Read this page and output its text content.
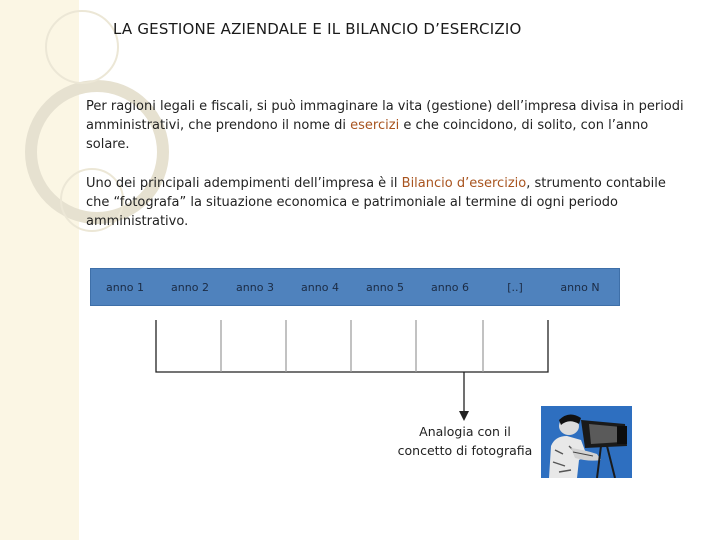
LA GESTIONE AZIENDALE E IL BILANCIO D’ESERCIZIO
Per ragioni legali e fiscali, si può immaginare la vita (gestione) dell’impresa divisa in periodi amministrativi, che prendono il nome di esercizi e che coincidono, di solito, con l’anno solare.
Uno dei principali adempimenti dell’impresa è il Bilancio d’esercizio, strumento contabile che “fotografa” la situazione economica e patrimoniale al termine di ogni periodo amministrativo.
anno 1	anno 2	anno 3	anno 4	anno 5	anno 6	[..]	anno N
Analogia con il
concetto di fotografia
